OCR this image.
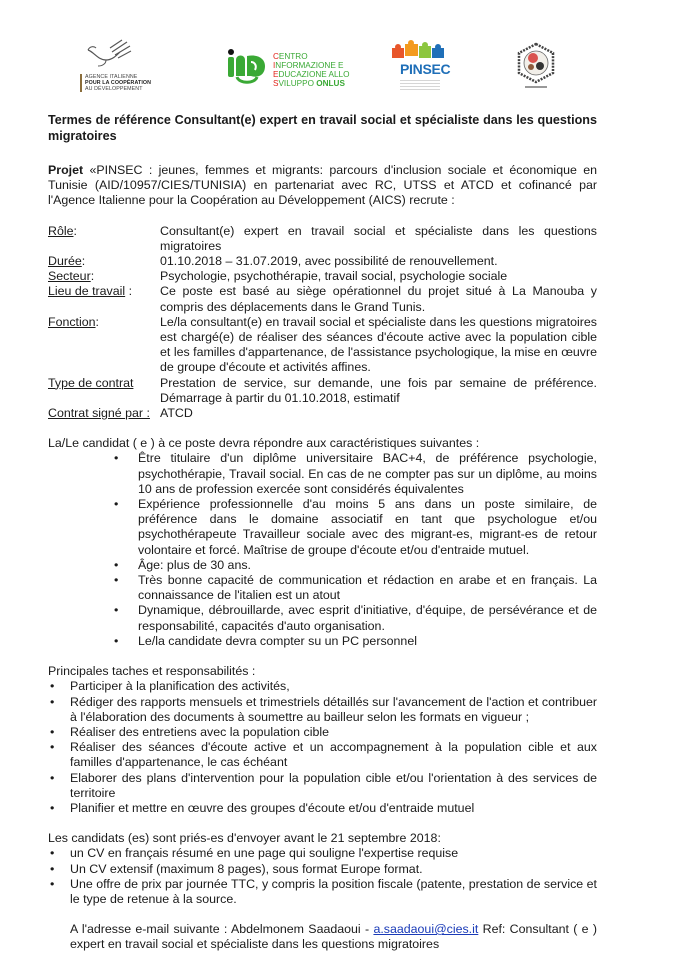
AGENCE ITALIENNE
POUR LA COOPÉRATION
AU DÉVELOPPEMENT
CENTRO
INFORMAZIONE E
EDUCAZIONE ALLO
SVILUPPO ONLUS
PINSEC

Termes de référence Consultant(e) expert en travail social et spécialiste dans les questions migratoires

Projet «PINSEC : jeunes, femmes et migrants: parcours d'inclusion sociale et économique en Tunisie (AID/10957/CIES/TUNISIA) en partenariat avec RC, UTSS et ATCD et cofinancé par l'Agence Italienne pour la Coopération au Développement (AICS) recrute :

Rôle:	Consultant(e) expert en travail social et spécialiste dans les questions migratoires
Durée:	01.10.2018 – 31.07.2019, avec possibilité de renouvellement.
Secteur:	Psychologie, psychothérapie, travail social, psychologie sociale
Lieu de travail :	Ce poste est basé au siège opérationnel du projet situé à La Manouba y compris des déplacements dans le Grand Tunis.
Fonction:	Le/la consultant(e) en travail social et spécialiste dans les questions migratoires est chargé(e) de réaliser des séances d'écoute active avec la population cible et les familles d'appartenance, de l'assistance psychologique, la mise en œuvre de groupe d'écoute et activités affines.
Type de contrat	Prestation de service, sur demande, une fois par semaine de préférence. Démarrage à partir du 01.10.2018, estimatif
Contrat signé par : ATCD
La/Le candidat ( e ) à ce poste devra répondre aux caractéristiques suivantes :
• Être titulaire d'un diplôme universitaire BAC+4, de préférence psychologie, psychothérapie, Travail social. En cas de ne compter pas sur un diplôme, au moins 10 ans de profession exercée sont considérés équivalentes
• Expérience professionnelle d'au moins 5 ans dans un poste similaire, de préférence dans le domaine associatif en tant que psychologue et/ou psychothérapeute Travailleur sociale avec des migrant-es, migrant-es de retour volontaire et forcé. Maîtrise de groupe d'écoute et/ou d'entraide mutuel.
• Âge: plus de 30 ans.
• Très bonne capacité de communication et rédaction en arabe et en français. La connaissance de l'italien est un atout
• Dynamique, débrouillarde, avec esprit d'initiative, d'équipe, de persévérance et de responsabilité, capacités d'auto organisation.
• Le/la candidate devra compter su un PC personnel
Principales taches et responsabilités :
• Participer à la planification des activités,
• Rédiger des rapports mensuels et trimestriels détaillés sur l'avancement de l'action et contribuer à l'élaboration des documents à soumettre au bailleur selon les formats en vigueur ;
• Réaliser des entretiens avec la population cible
• Réaliser des séances d'écoute active et un accompagnement à la population cible et aux familles d'appartenance, le cas échéant
• Elaborer des plans d'intervention pour la population cible et/ou l'orientation à des services de territoire
• Planifier et mettre en œuvre des groupes d'écoute et/ou d'entraide mutuel
Les candidats (es) sont priés-es d'envoyer avant le 21 septembre 2018:
• un CV en français résumé en une page qui souligne l'expertise requise
• Un CV extensif (maximum 8 pages), sous format Europe format.
• Une offre de prix par journée TTC, y compris la position fiscale (patente, prestation de service et le type de retenue à la source.

A l'adresse e-mail suivante : Abdelmonem Saadaoui - a.saadaoui@cies.it Ref: Consultant ( e ) expert en travail social et spécialiste dans les questions migratoires
